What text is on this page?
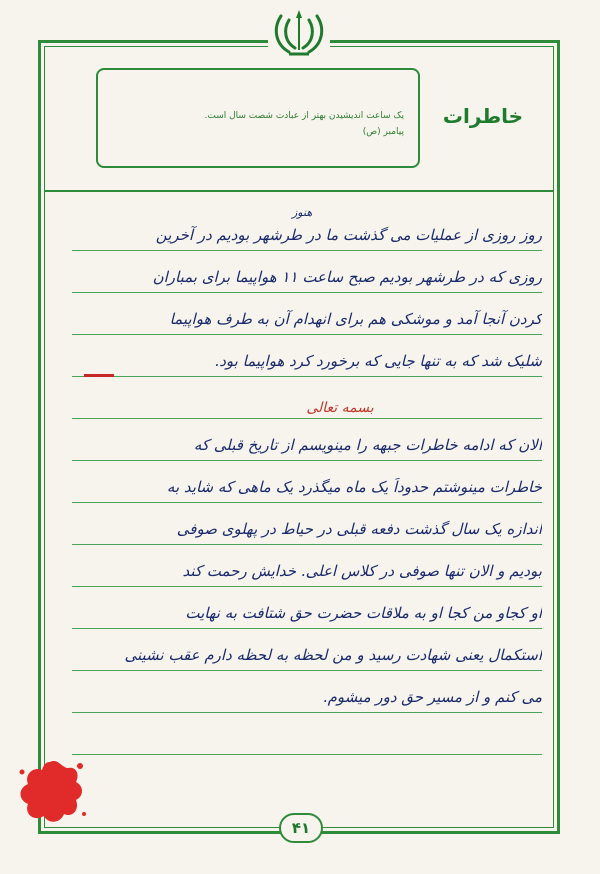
یک ساعت اندیشیدن بهتر از عبادت شصت سال است.
پیامبر (ص)
خاطرات
هنوز
روز روزی از عملیات می گذشت ما در طرشهر بودیم در آخرین
روزی که در طرشهر بودیم صبح ساعت ۱۱ هواپیما برای بمباران
کردن آنجا آمد و موشکی هم برای انهدام آن به طرف هواپیما
شلیک شد که به تنها جایی که برخورد کرد هواپیما بود.
بسمه تعالی
الان که ادامه خاطرات جبهه را مینویسم از تاریخ قبلی که
خاطرات مینوشتم حدوداً یک ماه میگذرد یک ماهی که شاید به
اندازه یک سال گذشت دفعه قبلی در حیاط در پهلوی صوفی
بودیم و الان تنها صوفی در کلاس اعلی. خدایش رحمت کند
او کجاو من کجا او به ملاقات حضرت حق شتافت به نهایت
استکمال یعنی شهادت رسید و من لحظه به لحظه دارم عقب نشینی
می کنم و از مسیر حق دور میشوم.
۴۱
